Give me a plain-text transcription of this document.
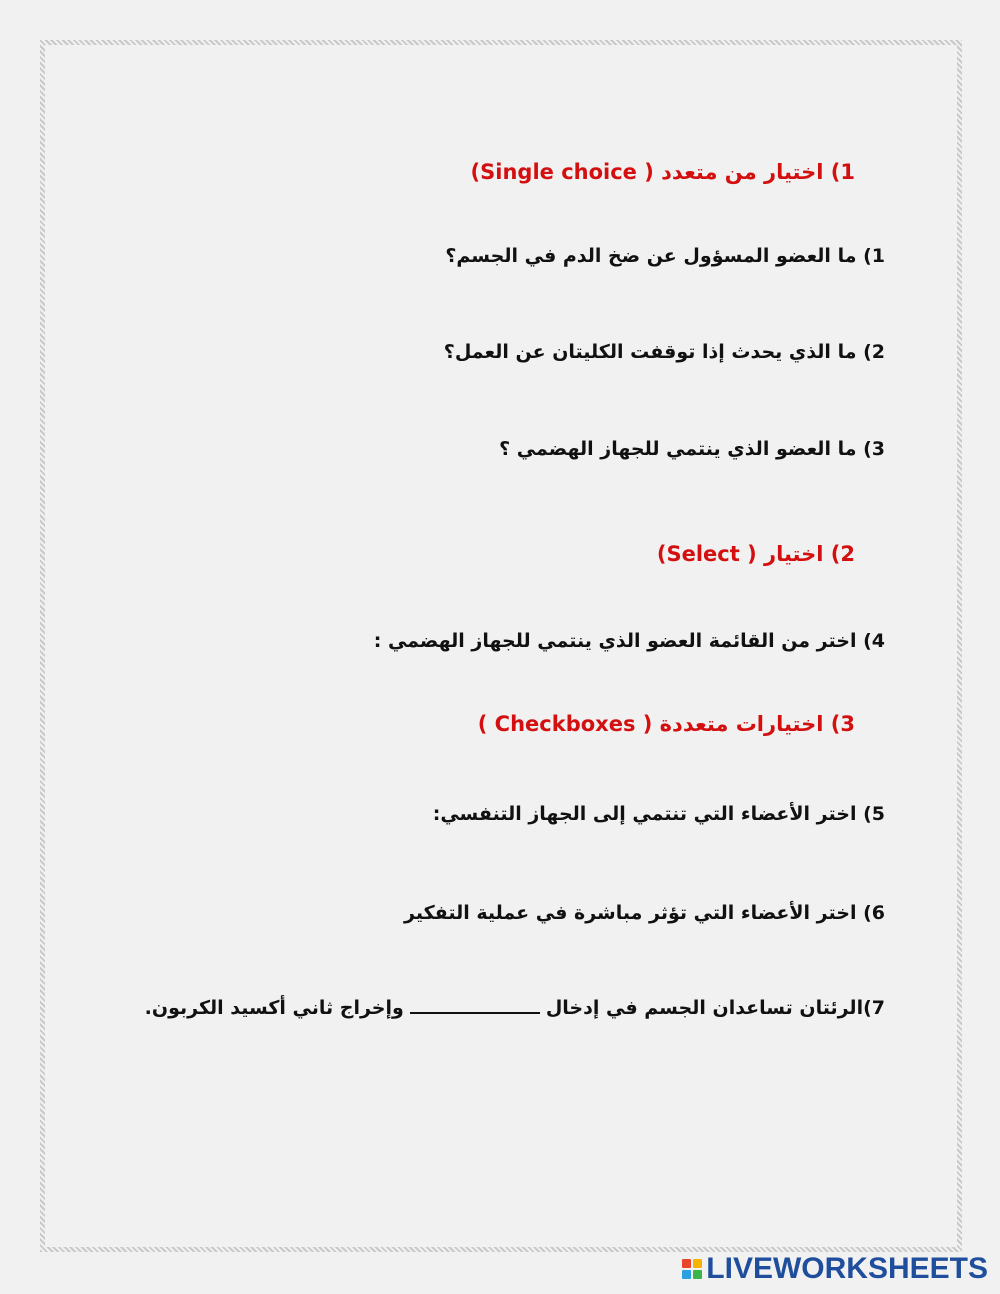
1) اختيار من متعدد ( Single choice)
1) ما العضو المسؤول عن ضخ الدم في الجسم؟
2) ما الذي يحدث إذا توقفت الكليتان عن العمل؟
3) ما العضو الذي ينتمي للجهاز الهضمي ؟
2) اختيار ( Select)
4) اختر من القائمة العضو الذي ينتمي للجهاز الهضمي :
3) اختيارات متعددة ( Checkboxes )
5) اختر الأعضاء التي تنتمي إلى الجهاز التنفسي:
6) اختر الأعضاء التي تؤثر مباشرة في عملية التفكير
7)الرئتان تساعدان الجسم في إدخالوإخراج ثاني أكسيد الكربون.
LIVEWORKSHEETS
